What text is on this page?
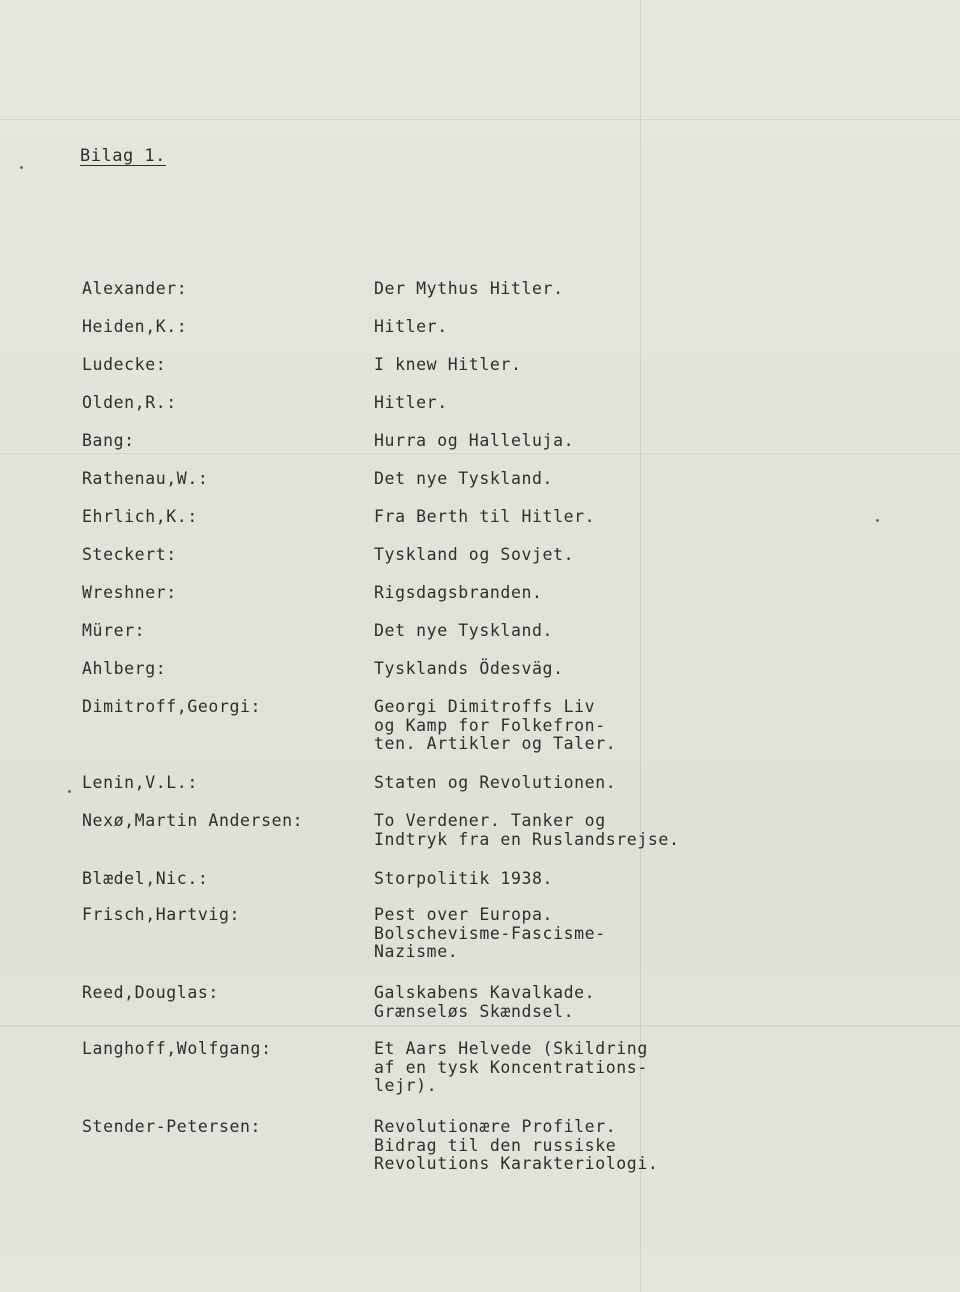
Bilag 1.
Alexander:	Der Mythus Hitler.
Heiden,K.:	Hitler.
Ludecke:	I knew Hitler.
Olden,R.:	Hitler.
Bang:	Hurra og Halleluja.
Rathenau,W.:	Det nye Tyskland.
Ehrlich,K.:	Fra Berth til Hitler.
Steckert:	Tyskland og Sovjet.
Wreshner:	Rigsdagsbranden.
Mürer:	Det nye Tyskland.
Ahlberg:	Tysklands Ödesväg.
Dimitroff,Georgi:	Georgi Dimitroffs Liv
og Kamp for Folkefron-
ten. Artikler og Taler.
Lenin,V.L.:	Staten og Revolutionen.
Nexø,Martin Andersen:	To Verdener. Tanker og
Indtryk fra en Ruslandsrejse.
Blædel,Nic.:	Storpolitik 1938.
Frisch,Hartvig:	Pest over Europa.
Bolschevisme-Fascisme-
Nazisme.
Reed,Douglas:	Galskabens Kavalkade.
Grænseløs Skændsel.
Langhoff,Wolfgang:	Et Aars Helvede (Skildring
af en tysk Koncentrations-
lejr).
Stender-Petersen:	Revolutionære Profiler.
Bidrag til den russiske
Revolutions Karakteriologi.
